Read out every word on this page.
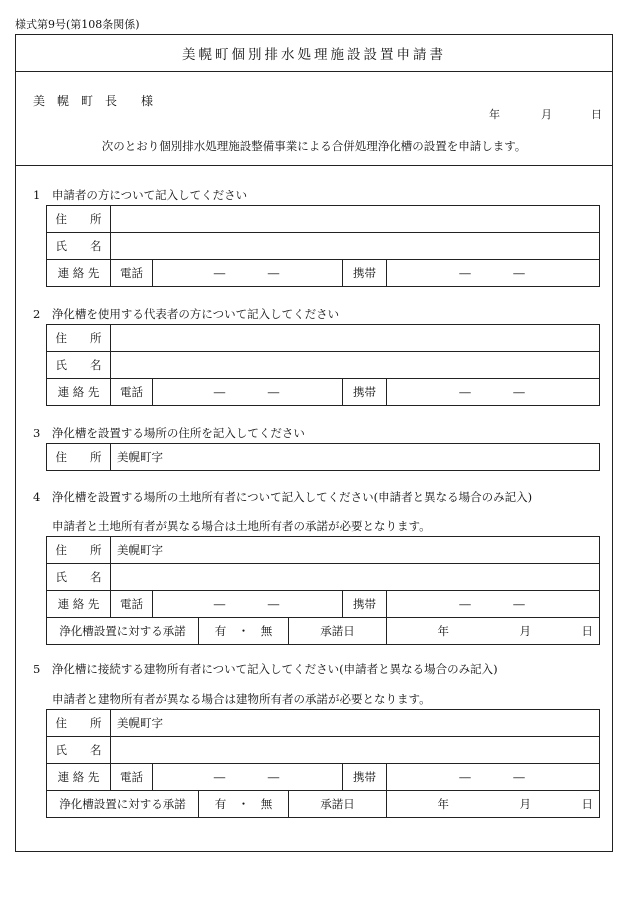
様式第9号(第108条関係)
美幌町個別排水処理施設設置申請書
美　幌　町　長　　様
年	月	日
次のとおり個別排水処理施設整備事業による合併処理浄化槽の設置を申請します。
1　申請者の方について記入してください
住　　所				
氏　　名				
連 絡 先	電話	―　　　―	携帯	―　　　―
2　浄化槽を使用する代表者の方について記入してください
住　　所				
氏　　名				
連 絡 先	電話	―　　　―	携帯	―　　　―
3　浄化槽を設置する場所の住所を記入してください
住　　所	美幌町字
4　浄化槽を設置する場所の土地所有者について記入してください(申請者と異なる場合のみ記入)
申請者と土地所有者が異なる場合は土地所有者の承諾が必要となります。
住　　所	美幌町字					
氏　　名						
連 絡 先	電話	―　　　―			携帯	―　　　―
浄化槽設置に対する承諾			有　・　無	承諾日		年 月 日
5　浄化槽に接続する建物所有者について記入してください(申請者と異なる場合のみ記入)
申請者と建物所有者が異なる場合は建物所有者の承諾が必要となります。
住　　所	美幌町字					
氏　　名						
連 絡 先	電話	―　　　―			携帯	―　　　―
浄化槽設置に対する承諾			有　・　無	承諾日		年 月 日
